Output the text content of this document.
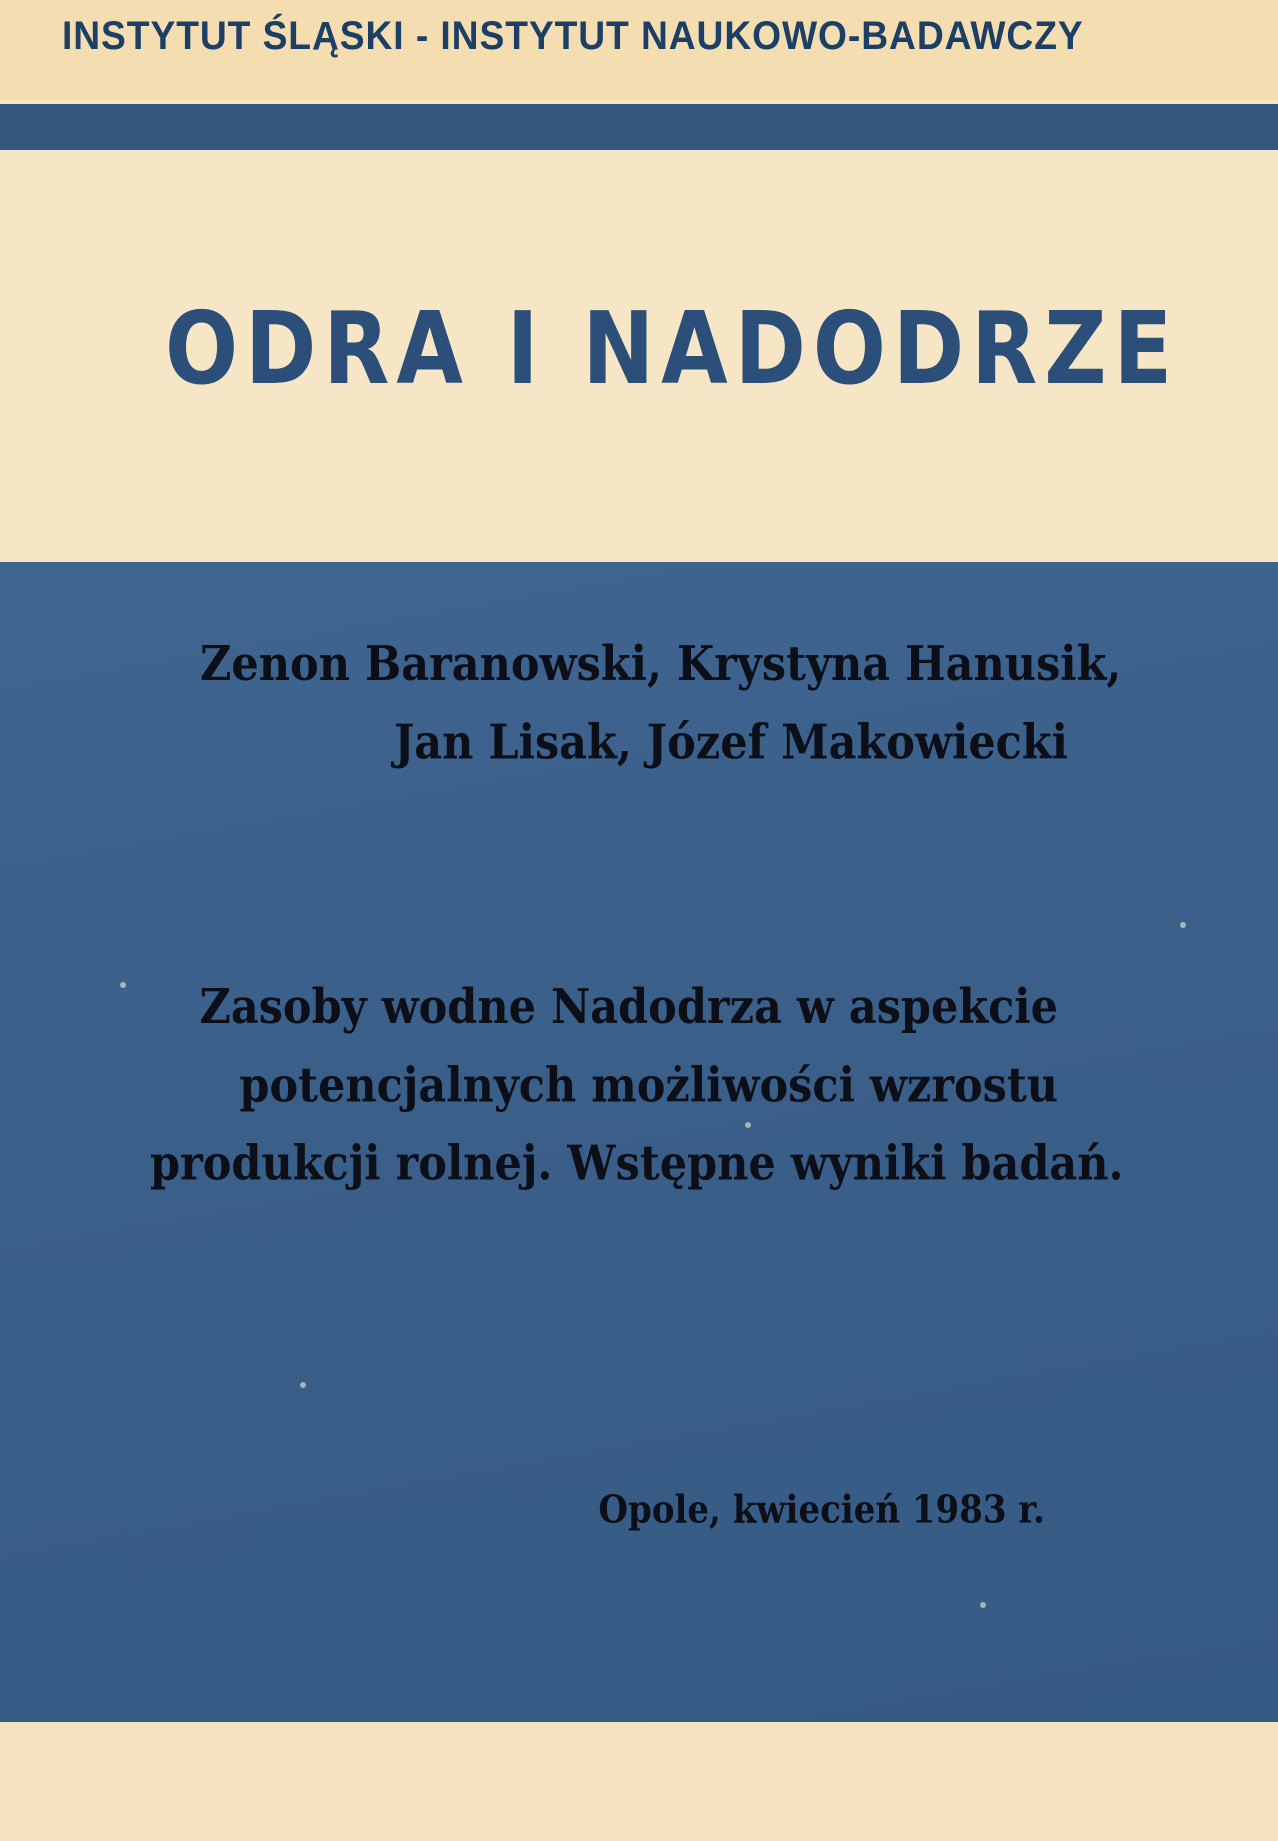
INSTYTUT ŚLĄSKI - INSTYTUT NAUKOWO-BADAWCZY
ODRA I NADODRZE
Zenon Baranowski, Krystyna Hanusik,
Jan Lisak, Józef Makowiecki
Zasoby wodne Nadodrza w aspekcie
potencjalnych możliwości wzrostu
produkcji rolnej. Wstępne wyniki badań.
Opole, kwiecień 1983 r.
